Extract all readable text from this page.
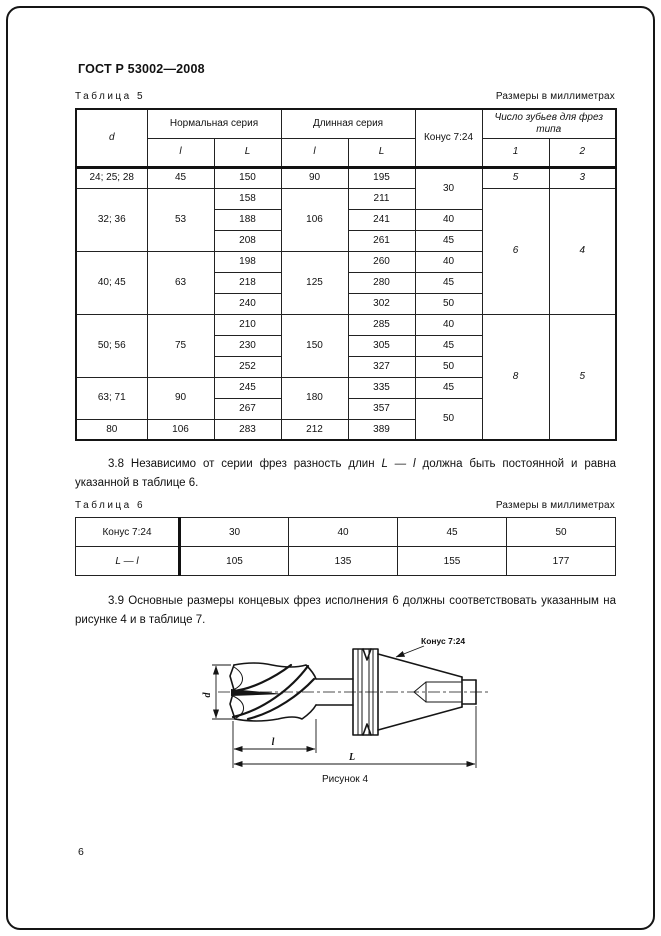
ГОСТ Р 53002—2008
Таблица 5	Размеры в миллиметрах
d	Нормальная серия		Длинная серия		Конус 7:24	Число зубьев для фрез типа	
	l	L	l	L		1	2
24; 25; 28	45	150	90	195	30	5	3
32; 36	53	158	106	211		6	4
		188		241	40		
		208		261	45		
40; 45	63	198	125	260	40		
		218		280	45		
		240		302	50		
50; 56	75	210	150	285	40	8	5
		230		305	45		
		252		327	50		
63; 71	90	245	180	335	45		
		267		357	50		
80	106	283	212	389			

3.8 Независимо от серии фрез разность длин L — l должна быть постоянной и равна указанной в таблице 6.

Таблица 6	Размеры в миллиметрах
Конус 7:24	30	40	45	50
L — l	105	135	155	177

3.9 Основные размеры концевых фрез исполнения 6 должны соответствовать указанным на рисунке 4 и в таблице 7.

Конус 7:24
d
l
L
Рисунок 4
6
